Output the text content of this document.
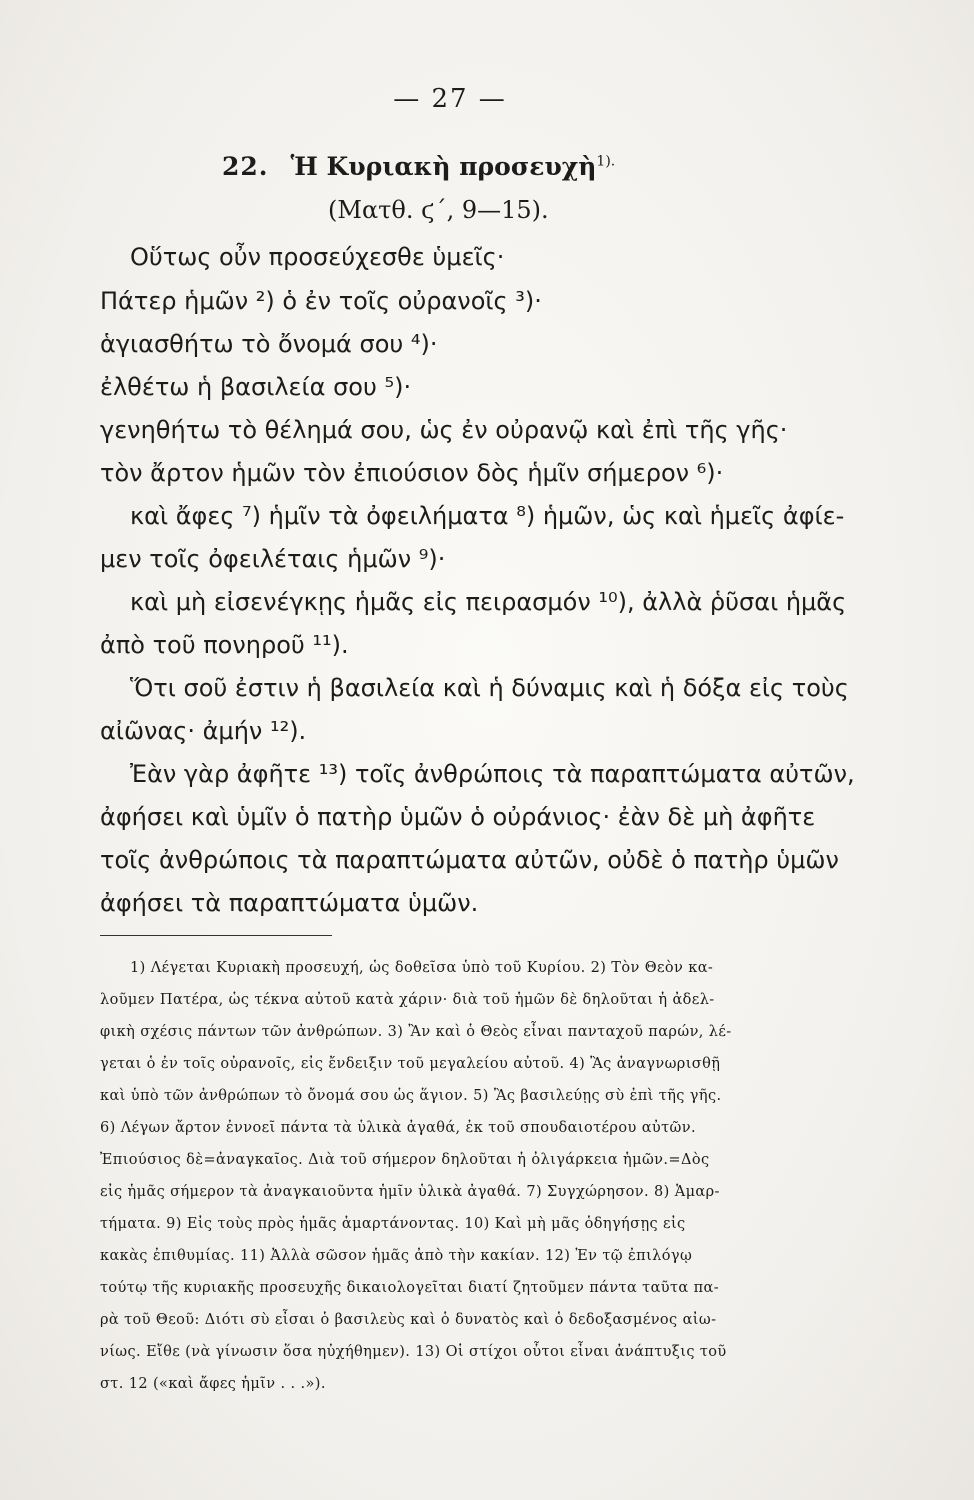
— 27 —
22. Ἡ Κυριακὴ προσευχὴ$^{1).}$
(Ματθ. ϛ΄, 9—15).
Οὕτως οὖν προσεύχεσθε ὑμεῖς·
Πάτερ ἡμῶν ²) ὁ ἐν τοῖς οὐρανοῖς ³)·
ἁγιασθήτω τὸ ὄνομά σου ⁴)·
ἐλθέτω ἡ βασιλεία σου ⁵)·
γενηθήτω τὸ θέλημά σου, ὡς ἐν οὐρανῷ καὶ ἐπὶ τῆς γῆς·
τὸν ἄρτον ἡμῶν τὸν ἐπιούσιον δὸς ἡμῖν σήμερον ⁶)·
καὶ ἄφες ⁷) ἡμῖν τὰ ὀφειλήματα ⁸) ἡμῶν, ὡς καὶ ἡμεῖς ἀφίε-
μεν τοῖς ὀφειλέταις ἡμῶν ⁹)·
καὶ μὴ εἰσενέγκῃς ἡμᾶς εἰς πειρασμόν ¹⁰), ἀλλὰ ῥῦσαι ἡμᾶς
ἀπὸ τοῦ πονηροῦ ¹¹).
Ὅτι σοῦ ἐστιν ἡ βασιλεία καὶ ἡ δύναμις καὶ ἡ δόξα εἰς τοὺς
αἰῶνας· ἀμήν ¹²).
Ἐὰν γὰρ ἀφῆτε ¹³) τοῖς ἀνθρώποις τὰ παραπτώματα αὐτῶν,
ἀφήσει καὶ ὑμῖν ὁ πατὴρ ὑμῶν ὁ οὐράνιος· ἐὰν δὲ μὴ ἀφῆτε
τοῖς ἀνθρώποις τὰ παραπτώματα αὐτῶν, οὐδὲ ὁ πατὴρ ὑμῶν
ἀφήσει τὰ παραπτώματα ὑμῶν.
1) Λέγεται Κυριακὴ προσευχή, ὡς δοθεῖσα ὑπὸ τοῦ Κυρίου. 2) Τὸν Θεὸν κα-
λοῦμεν Πατέρα, ὡς τέκνα αὐτοῦ κατὰ χάριν· διὰ τοῦ ἡμῶν δὲ δηλοῦται ἡ ἀδελ-
φικὴ σχέσις πάντων τῶν ἀνθρώπων. 3) Ἂν καὶ ὁ Θεὸς εἶναι πανταχοῦ παρών, λέ-
γεται ὁ ἐν τοῖς οὐρανοῖς, εἰς ἔνδειξιν τοῦ μεγαλείου αὐτοῦ. 4) Ἂς ἀναγνωρισθῇ
καὶ ὑπὸ τῶν ἀνθρώπων τὸ ὄνομά σου ὡς ἅγιον. 5) Ἂς βασιλεύῃς σὺ ἐπὶ τῆς γῆς.
6) Λέγων ἄρτον ἐννοεῖ πάντα τὰ ὑλικὰ ἀγαθά, ἐκ τοῦ σπουδαιοτέρου αὐτῶν.
Ἐπιούσιος δὲ=ἀναγκαῖος. Διὰ τοῦ σήμερον δηλοῦται ἡ ὀλιγάρκεια ἡμῶν.=Δὸς
εἰς ἡμᾶς σήμερον τὰ ἀναγκαιοῦντα ἡμῖν ὑλικὰ ἀγαθά. 7) Συγχώρησον. 8) Ἁμαρ-
τήματα. 9) Εἰς τοὺς πρὸς ἡμᾶς ἁμαρτάνοντας. 10) Καὶ μὴ μᾶς ὁδηγήσῃς εἰς
κακὰς ἐπιθυμίας. 11) Ἀλλὰ σῶσον ἡμᾶς ἀπὸ τὴν κακίαν. 12) Ἐν τῷ ἐπιλόγῳ
τούτῳ τῆς κυριακῆς προσευχῆς δικαιολογεῖται διατί ζητοῦμεν πάντα ταῦτα πα-
ρὰ τοῦ Θεοῦ: Διότι σὺ εἶσαι ὁ βασιλεὺς καὶ ὁ δυνατὸς καὶ ὁ δεδοξασμένος αἰω-
νίως. Εἴθε (νὰ γίνωσιν ὅσα ηὐχήθημεν). 13) Οἱ στίχοι οὗτοι εἶναι ἀνάπτυξις τοῦ
στ. 12 («καὶ ἄφες ἡμῖν . . .»).
